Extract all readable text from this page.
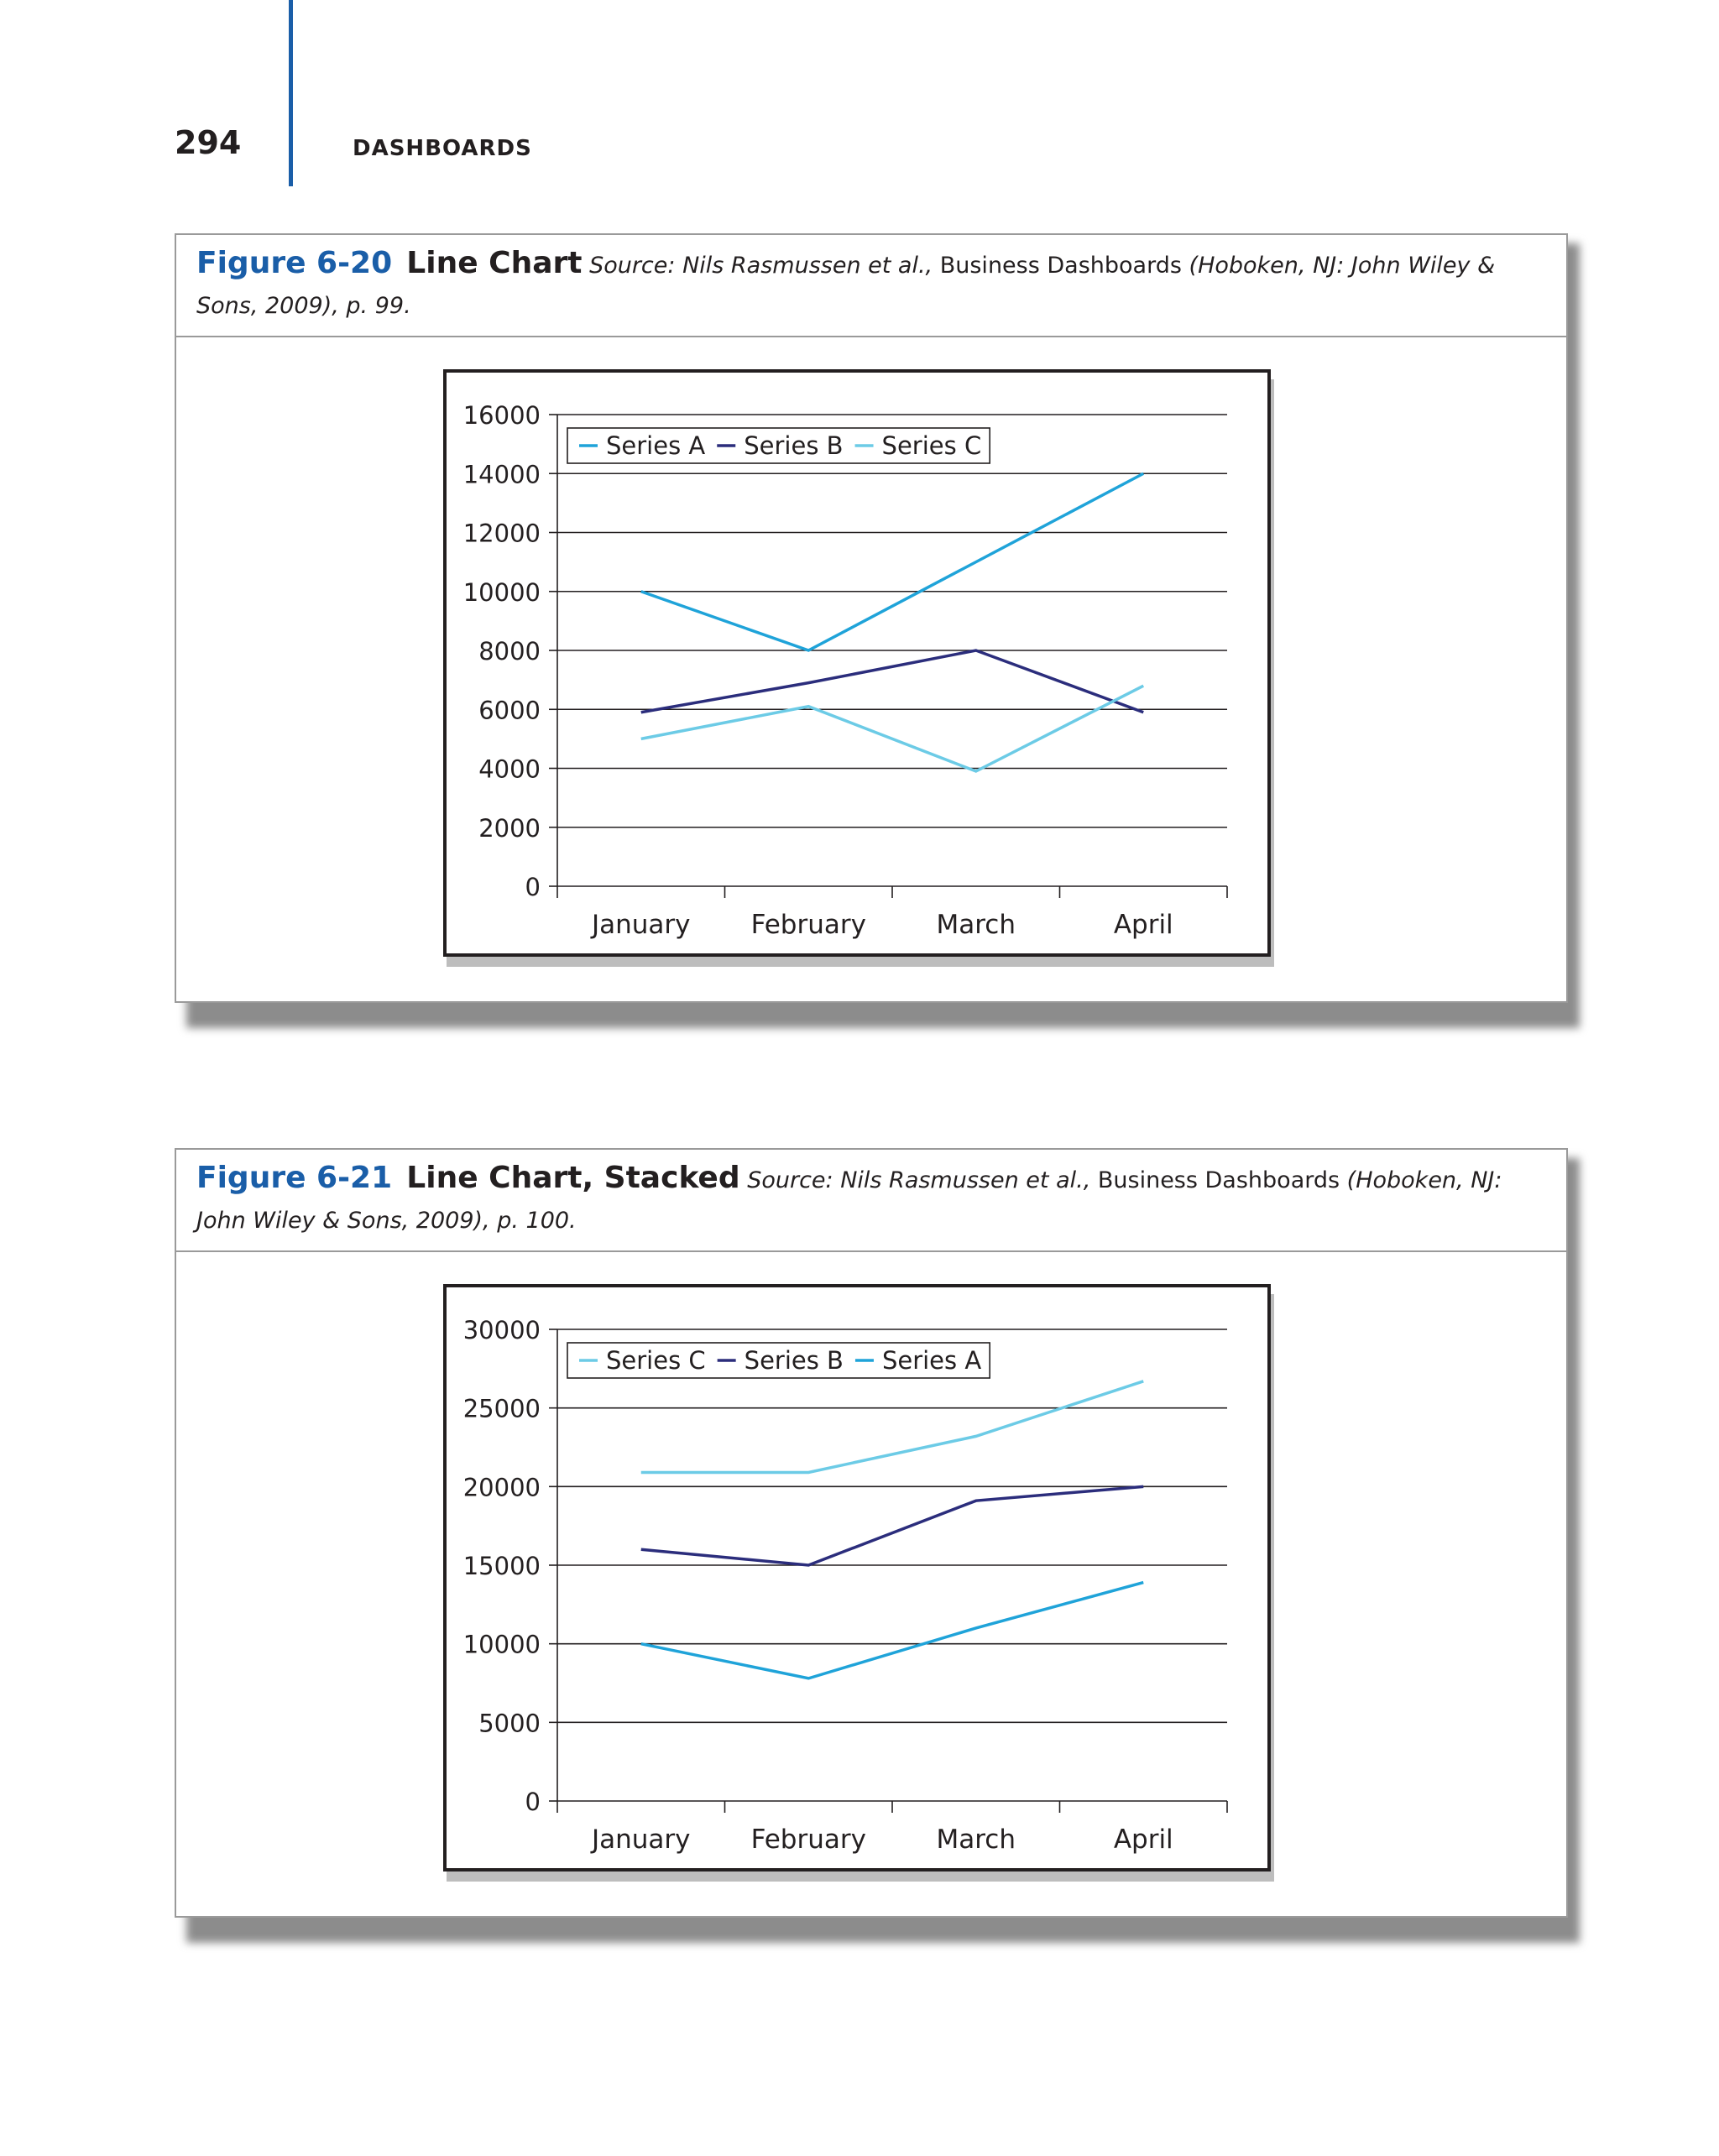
294	DASHBOARDS
Figure 6-20 Line Chart Source: Nils Rasmussen et al., Business Dashboards (Hoboken, NJ: John Wiley & Sons, 2009), p. 99.
0
2000
4000
6000
8000
10000
12000
14000
16000
January February	March	April
Series A Series B Series C
Figure 6-21 Line Chart, Stacked Source: Nils Rasmussen et al., Business Dashboards (Hoboken, NJ: John Wiley & Sons, 2009), p. 100.
0
5000
10000
15000
20000
25000
30000
January February	March	April
Series C Series B Series A
